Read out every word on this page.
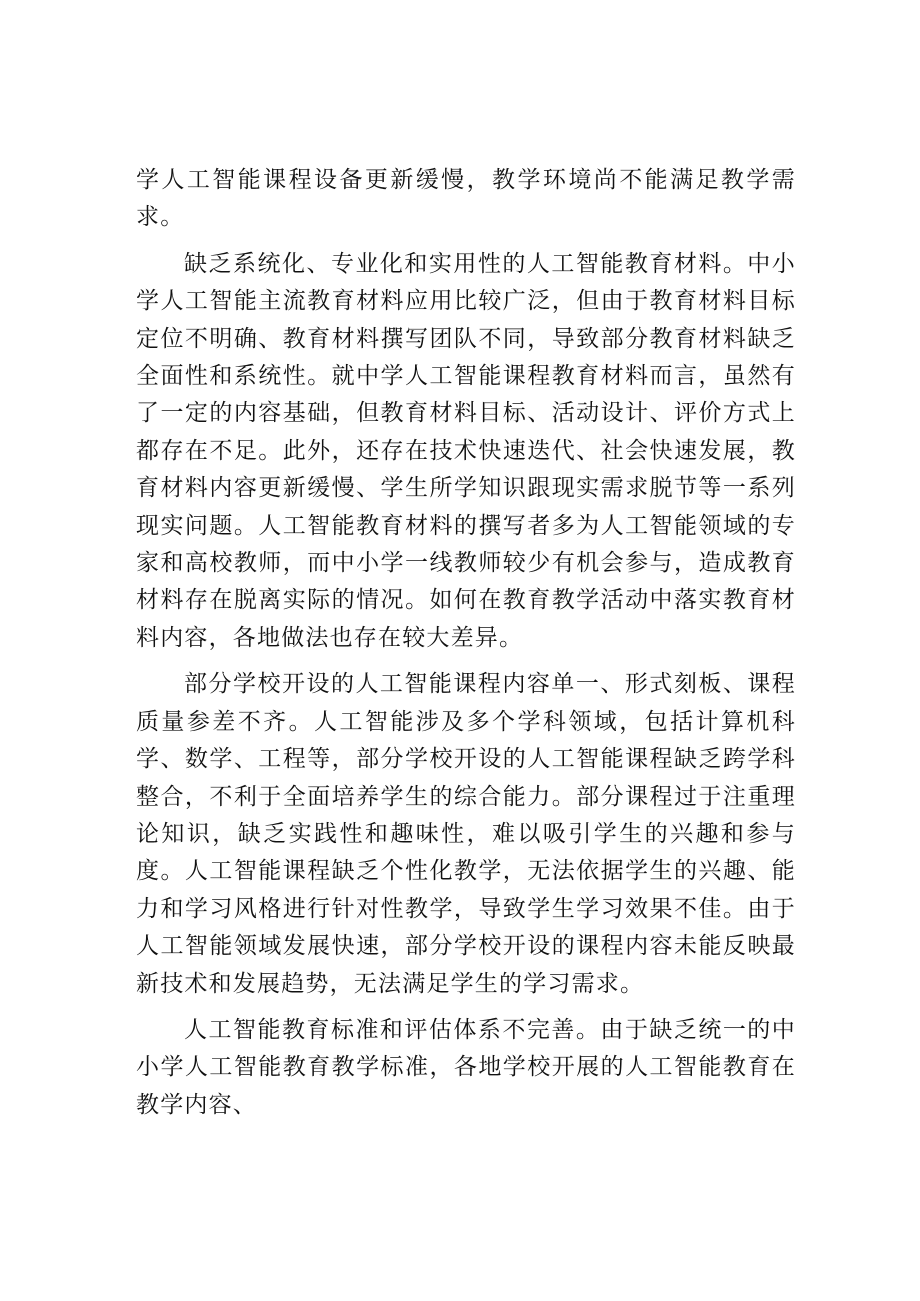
学人工智能课程设备更新缓慢，教学环境尚不能满足教学需求。

缺乏系统化、专业化和实用性的人工智能教育材料。中小学人工智能主流教育材料应用比较广泛，但由于教育材料目标定位不明确、教育材料撰写团队不同，导致部分教育材料缺乏全面性和系统性。就中学人工智能课程教育材料而言，虽然有了一定的内容基础，但教育材料目标、活动设计、评价方式上都存在不足。此外，还存在技术快速迭代、社会快速发展，教育材料内容更新缓慢、学生所学知识跟现实需求脱节等一系列现实问题。人工智能教育材料的撰写者多为人工智能领域的专家和高校教师，而中小学一线教师较少有机会参与，造成教育材料存在脱离实际的情况。如何在教育教学活动中落实教育材料内容，各地做法也存在较大差异。

部分学校开设的人工智能课程内容单一、形式刻板、课程质量参差不齐。人工智能涉及多个学科领域，包括计算机科学、数学、工程等，部分学校开设的人工智能课程缺乏跨学科整合，不利于全面培养学生的综合能力。部分课程过于注重理论知识，缺乏实践性和趣味性，难以吸引学生的兴趣和参与度。人工智能课程缺乏个性化教学，无法依据学生的兴趣、能力和学习风格进行针对性教学，导致学生学习效果不佳。由于人工智能领域发展快速，部分学校开设的课程内容未能反映最新技术和发展趋势，无法满足学生的学习需求。

人工智能教育标准和评估体系不完善。由于缺乏统一的中小学人工智能教育教学标准，各地学校开展的人工智能教育在教学内容、
